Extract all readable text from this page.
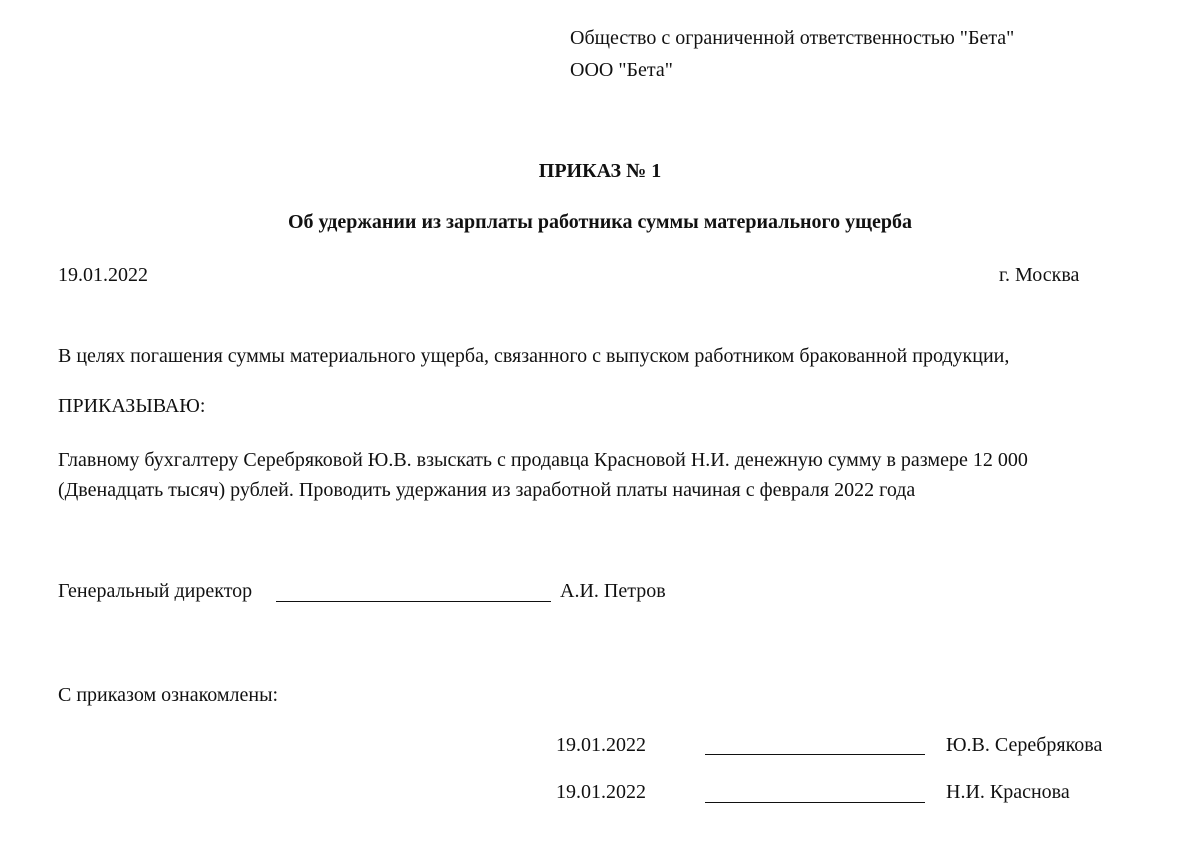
Общество с ограниченной ответственностью "Бета"
ООО "Бета"
ПРИКАЗ № 1
Об удержании из зарплаты работника суммы материального ущерба
19.01.2022	г. Москва
В целях погашения суммы материального ущерба, связанного с выпуском работником бракованной продукции,
ПРИКАЗЫВАЮ:
Главному бухгалтеру Серебряковой Ю.В. взыскать с продавца Красновой Н.И. денежную сумму в размере 12 000
(Двенадцать тысяч) рублей. Проводить удержания из заработной платы начиная с февраля 2022 года
Генеральный директор	А.И. Петров
С приказом ознакомлены:
19.01.2022	Ю.В. Серебрякова
19.01.2022	Н.И. Краснова
